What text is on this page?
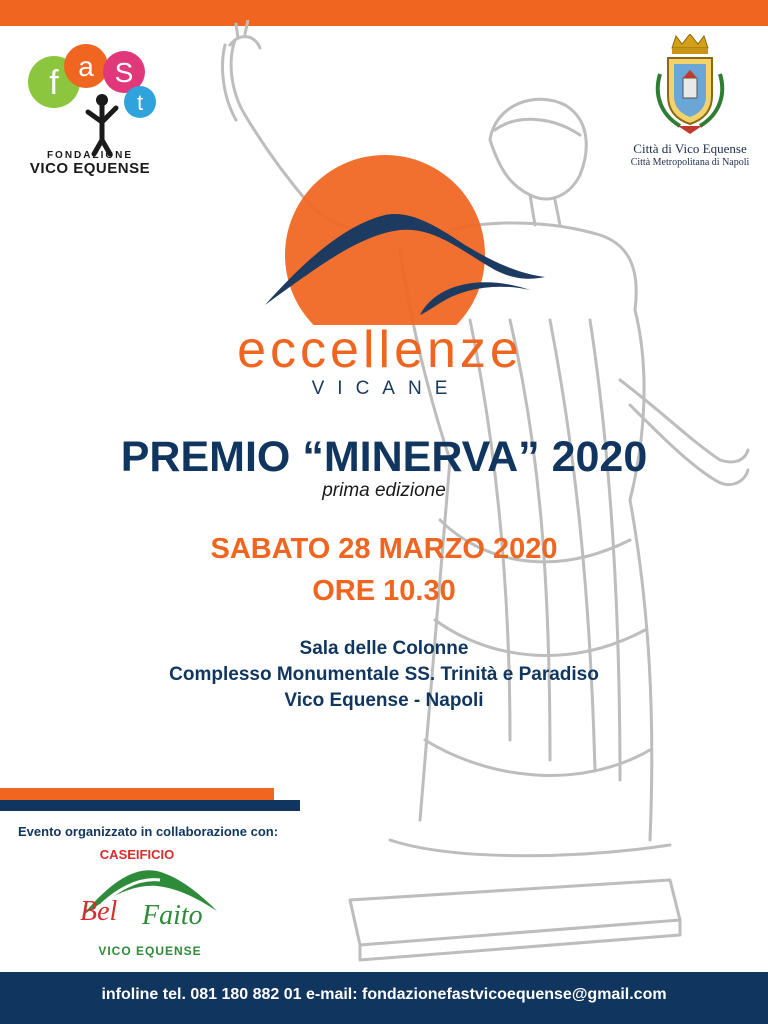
f a S
t
FONDAZIONE
VICO EQUENSE
Città di Vico Equense
Città Metropolitana di Napoli
eccellenze
VICANE
PREMIO “MINERVA” 2020
prima edizione
SABATO 28 MARZO 2020
ORE 10.30
Sala delle Colonne
Complesso Monumentale SS. Trinità e Paradiso
Vico Equense - Napoli
Evento organizzato in collaborazione con:
CASEIFICIO
Bel Faito
VICO EQUENSE
infoline tel. 081 180 882 01 e-mail: fondazionefastvicoequense@gmail.com
